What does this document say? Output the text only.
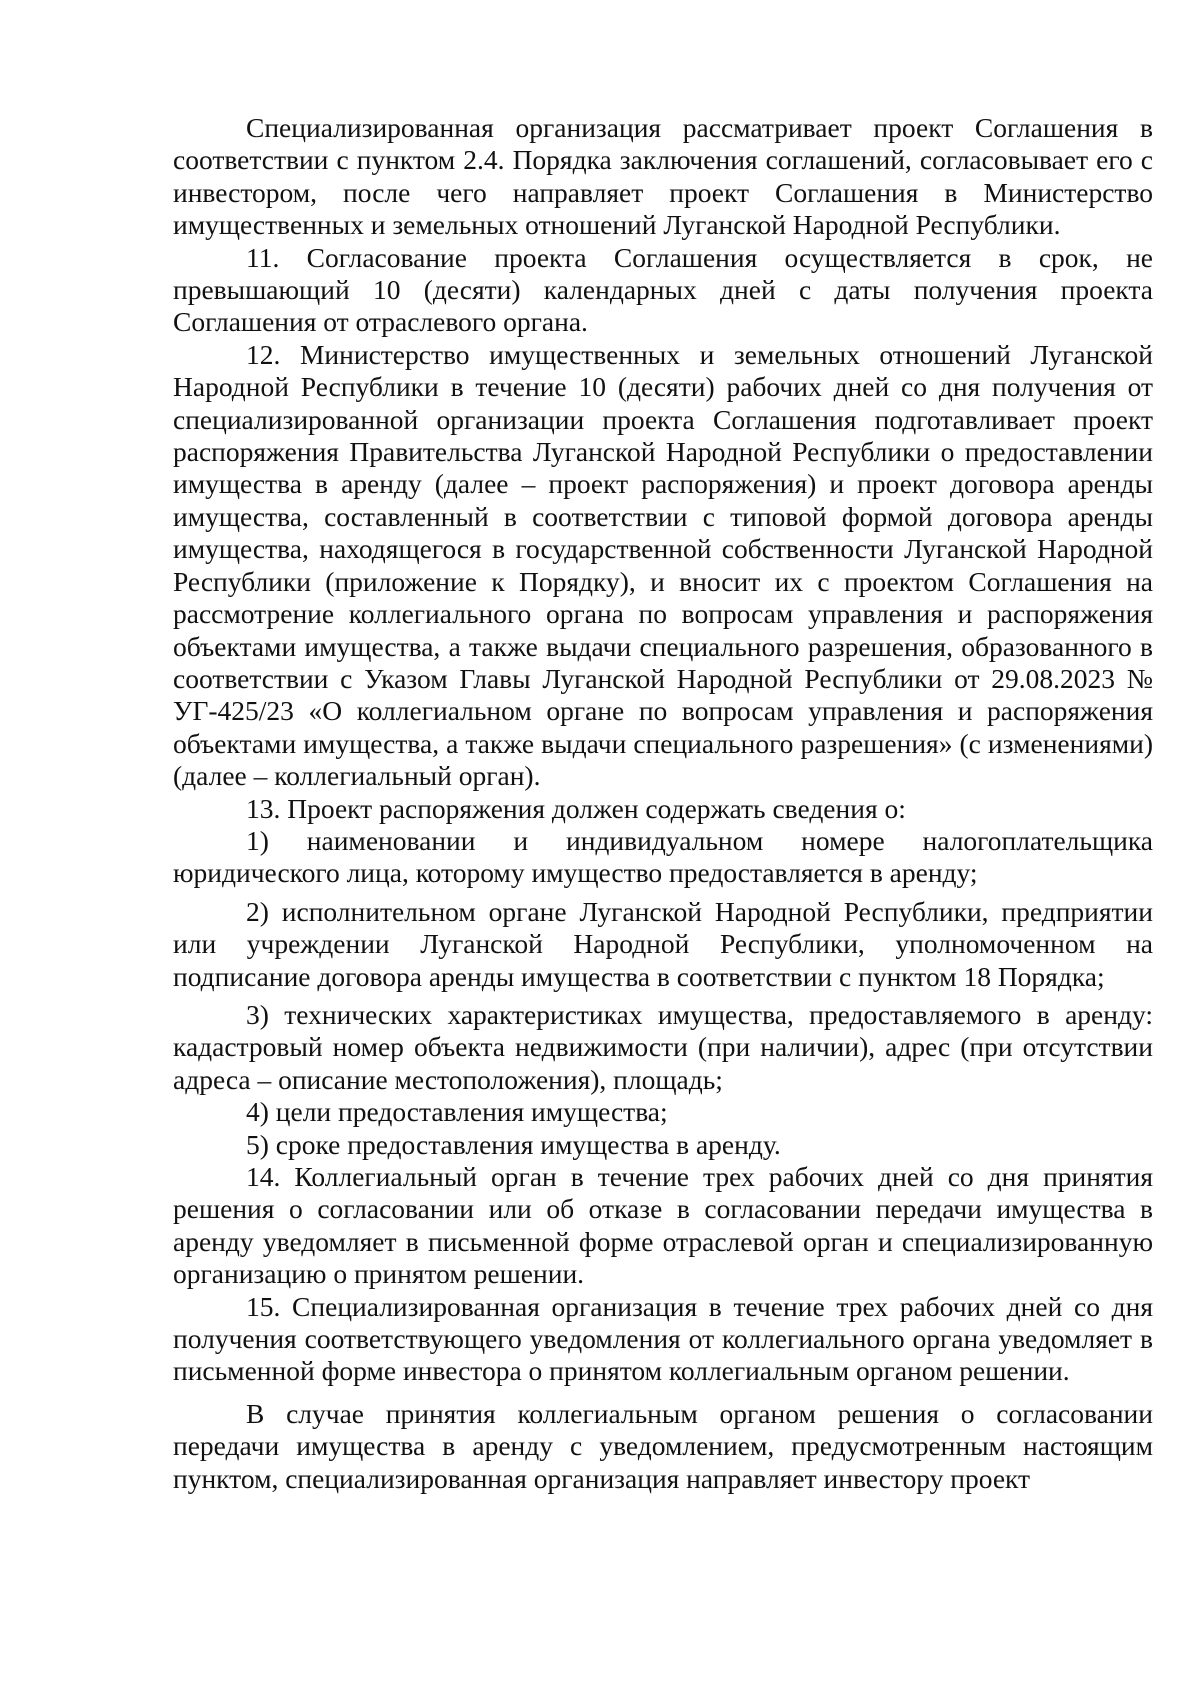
Специализированная организация рассматривает проект Соглашения в соответствии с пунктом 2.4. Порядка заключения соглашений, согласовывает его с инвестором, после чего направляет проект Соглашения в Министерство имущественных и земельных отношений Луганской Народной Республики.

11. Согласование проекта Соглашения осуществляется в срок, не превышающий 10 (десяти) календарных дней с даты получения проекта Соглашения от отраслевого органа.

12. Министерство имущественных и земельных отношений Луганской Народной Республики в течение 10 (десяти) рабочих дней со дня получения от специализированной организации проекта Соглашения подготавливает проект распоряжения Правительства Луганской Народной Республики о предоставлении имущества в аренду (далее – проект распоряжения) и проект договора аренды имущества, составленный в соответствии с типовой формой договора аренды имущества, находящегося в государственной собственности Луганской Народной Республики (приложение к Порядку), и вносит их с проектом Соглашения на рассмотрение коллегиального органа по вопросам управления и распоряжения объектами имущества, а также выдачи специального разрешения, образованного в соответствии с Указом Главы Луганской Народной Республики от 29.08.2023 № УГ-425/23 «О коллегиальном органе по вопросам управления и распоряжения объектами имущества, а также выдачи специального разрешения» (с изменениями) (далее – коллегиальный орган).

13. Проект распоряжения должен содержать сведения о:

1) наименовании и индивидуальном номере налогоплательщика юридического лица, которому имущество предоставляется в аренду;

2) исполнительном органе Луганской Народной Республики, предприятии или учреждении Луганской Народной Республики, уполномоченном на подписание договора аренды имущества в соответствии с пунктом 18 Порядка;

3) технических характеристиках имущества, предоставляемого в аренду: кадастровый номер объекта недвижимости (при наличии), адрес (при отсутствии адреса – описание местоположения), площадь;

4) цели предоставления имущества;

5) сроке предоставления имущества в аренду.

14. Коллегиальный орган в течение трех рабочих дней со дня принятия решения о согласовании или об отказе в согласовании передачи имущества в аренду уведомляет в письменной форме отраслевой орган и специализированную организацию о принятом решении.

15. Специализированная организация в течение трех рабочих дней со дня получения соответствующего уведомления от коллегиального органа уведомляет в письменной форме инвестора о принятом коллегиальным органом решении.

В случае принятия коллегиальным органом решения о согласовании передачи имущества в аренду с уведомлением, предусмотренным настоящим пунктом, специализированная организация направляет инвестору проект
